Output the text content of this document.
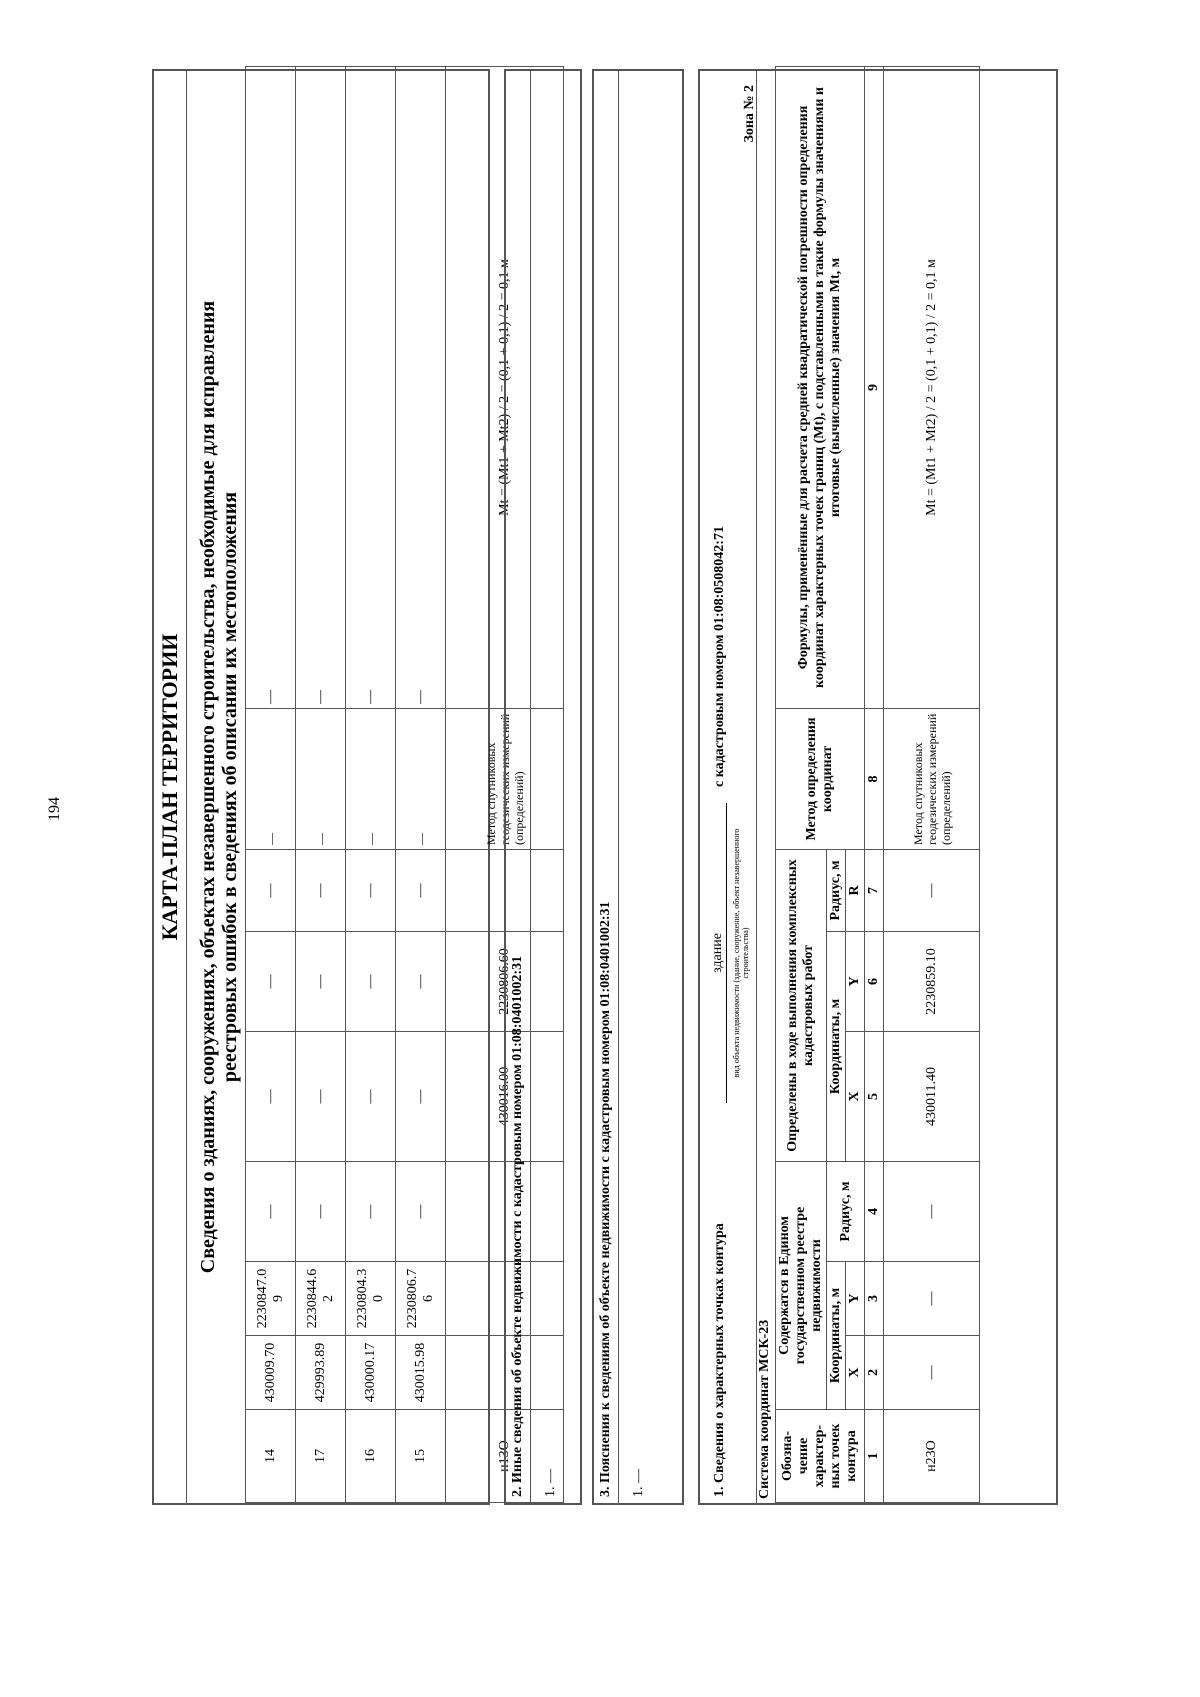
194	КАРТА-ПЛАН ТЕРРИТОРИИ Сведения о зданиях, сооружениях, объектах незавершенного строительства, необходимые для исправления реестровых ошибок в сведениях об описании их местоположения
14	430009.70	2230847.09	—	—	—	—	—	—
17	429993.89	2230844.62	—	—	—	—	—	—
16	430000.17	2230804.30	—	—	—	—	—	—
15	430015.98	2230806.76	—	—	—	—	—	—
н13О	—	—	—	430016.00	2230806.60	—	Метод спутниковых геодезических измерений (определений)	Mt = (Mt1 + Mt2) / 2 = (0,1 + 0,1) / 2 = 0,1 м
2. Иные сведения об объекте недвижимости с кадастровым номером 01:08:0401002:31	1. —	3. Пояснения к сведениям об объекте недвижимости с кадастровым номером 01:08:0401002:31	1. —	1. Сведения о характерных точках контура
здание вид объекта недвижимости (здание, сооружение, объект незавершенного строительства)
с кадастровым номером 01:08:0508042:71
Зона № 2
Система координат МСК-23 Обозна-чение характер-ных точек контура	Содержатся в Едином государственном реестре недвижимости			Определены в ходе выполнения комплексных кадастровых работ			Метод определения координат	Формулы, применённые для расчета средней квадратической погрешности определения координат характерных точек границ (Mt), с подставленными в такие формулы значениями и итоговые (вычисленные) значения Mt, м
	Координаты, м		Радиус, м	Координаты, м		Радиус, м		
	X	Y		X	Y	R		
1	2	3	4	5	6	7	8	9
н23О	—	—	—	430011.40	2230859.10	—	Метод спутниковых геодезических измерений (определений)	Mt = (Mt1 + Mt2) / 2 = (0,1 + 0,1) / 2 = 0,1 м
